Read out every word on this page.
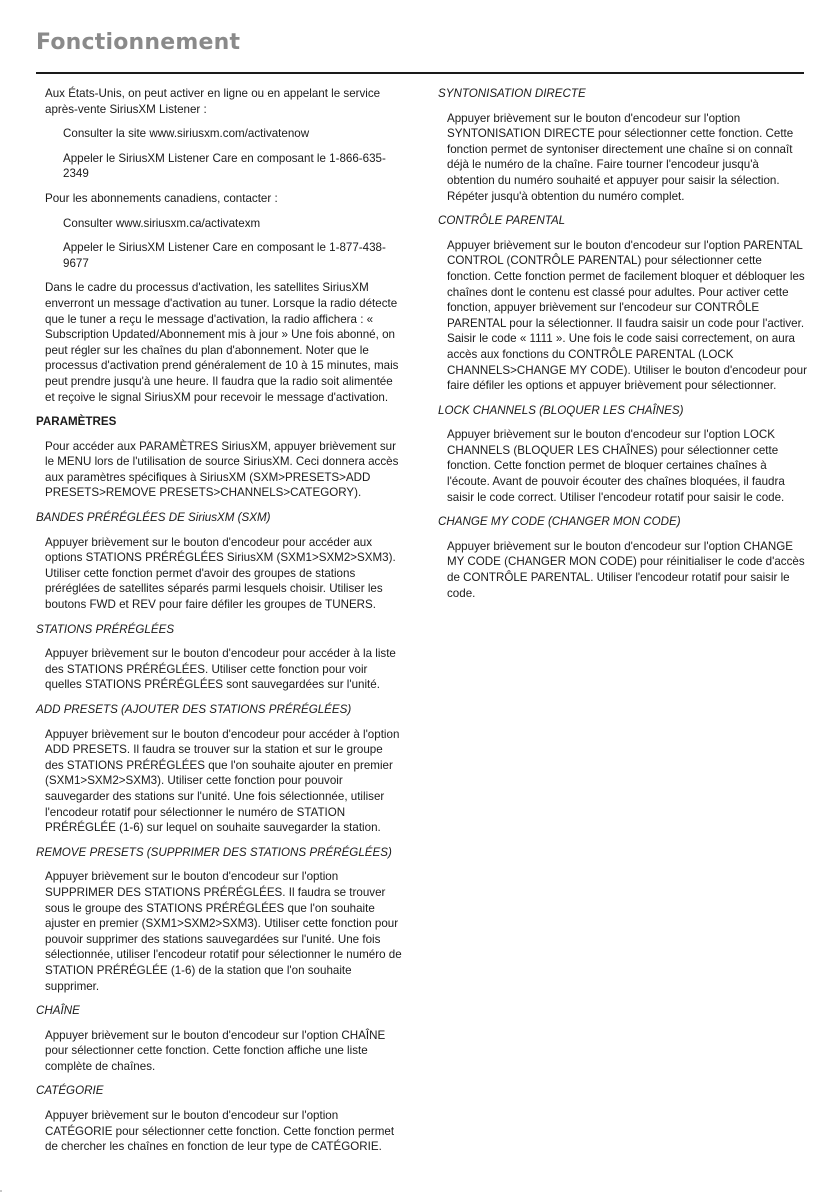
Fonctionnement

Aux États-Unis, on peut activer en ligne ou en appelant le service après-vente SiriusXM Listener :

Consulter la site www.siriusxm.com/activatenow

Appeler le SiriusXM Listener Care en composant le 1-866-635-2349

Pour les abonnements canadiens, contacter :

Consulter www.siriusxm.ca/activatexm

Appeler le SiriusXM Listener Care en composant le 1-877-438-9677

Dans le cadre du processus d'activation, les satellites SiriusXM enverront un message d'activation au tuner. Lorsque la radio détecte que le tuner a reçu le message d'activation, la radio affichera : « Subscription Updated/Abonnement mis à jour » Une fois abonné, on peut régler sur les chaînes du plan d'abonnement. Noter que le processus d'activation prend généralement de 10 à 15 minutes, mais peut prendre jusqu'à une heure. Il faudra que la radio soit alimentée et reçoive le signal SiriusXM pour recevoir le message d'activation.

PARAMÈTRES

Pour accéder aux PARAMÈTRES SiriusXM, appuyer brièvement sur le MENU lors de l'utilisation de source SiriusXM. Ceci donnera accès aux paramètres spécifiques à SiriusXM (SXM>PRESETS>ADD PRESETS>REMOVE PRESETS>CHANNELS>CATEGORY).

BANDES PRÉRÉGLÉES DE SiriusXM (SXM)

Appuyer brièvement sur le bouton d'encodeur pour accéder aux options STATIONS PRÉRÉGLÉES SiriusXM (SXM1>SXM2>SXM3). Utiliser cette fonction permet d'avoir des groupes de stations préréglées de satellites séparés parmi lesquels choisir. Utiliser les boutons FWD et REV pour faire défiler les groupes de TUNERS.

STATIONS PRÉRÉGLÉES

Appuyer brièvement sur le bouton d'encodeur pour accéder à la liste des STATIONS PRÉRÉGLÉES. Utiliser cette fonction pour voir quelles STATIONS PRÉRÉGLÉES sont sauvegardées sur l'unité.

ADD PRESETS (AJOUTER DES STATIONS PRÉRÉGLÉES)

Appuyer brièvement sur le bouton d'encodeur pour accéder à l'option ADD PRESETS. Il faudra se trouver sur la station et sur le groupe des STATIONS PRÉRÉGLÉES que l'on souhaite ajouter en premier (SXM1>SXM2>SXM3). Utiliser cette fonction pour pouvoir sauvegarder des stations sur l'unité. Une fois sélectionnée, utiliser l'encodeur rotatif pour sélectionner le numéro de STATION PRÉRÉGLÉE (1-6) sur lequel on souhaite sauvegarder la station.

REMOVE PRESETS (SUPPRIMER DES STATIONS PRÉRÉGLÉES)

Appuyer brièvement sur le bouton d'encodeur sur l'option SUPPRIMER DES STATIONS PRÉRÉGLÉES. Il faudra se trouver sous le groupe des STATIONS PRÉRÉGLÉES que l'on souhaite ajuster en premier (SXM1>SXM2>SXM3). Utiliser cette fonction pour pouvoir supprimer des stations sauvegardées sur l'unité. Une fois sélectionnée, utiliser l'encodeur rotatif pour sélectionner le numéro de STATION PRÉRÉGLÉE (1-6) de la station que l'on souhaite supprimer.

CHAÎNE

Appuyer brièvement sur le bouton d'encodeur sur l'option CHAÎNE pour sélectionner cette fonction. Cette fonction affiche une liste complète de chaînes.

CATÉGORIE

Appuyer brièvement sur le bouton d'encodeur sur l'option CATÉGORIE pour sélectionner cette fonction. Cette fonction permet de chercher les chaînes en fonction de leur type de CATÉGORIE.

SYNTONISATION DIRECTE

Appuyer brièvement sur le bouton d'encodeur sur l'option SYNTONISATION DIRECTE pour sélectionner cette fonction. Cette fonction permet de syntoniser directement une chaîne si on connaît déjà le numéro de la chaîne. Faire tourner l'encodeur jusqu'à obtention du numéro souhaité et appuyer pour saisir la sélection. Répéter jusqu'à obtention du numéro complet.

CONTRÔLE PARENTAL

Appuyer brièvement sur le bouton d'encodeur sur l'option PARENTAL CONTROL (CONTRÔLE PARENTAL) pour sélectionner cette fonction. Cette fonction permet de facilement bloquer et débloquer les chaînes dont le contenu est classé pour adultes. Pour activer cette fonction, appuyer brièvement sur l'encodeur sur CONTRÔLE PARENTAL pour la sélectionner. Il faudra saisir un code pour l'activer. Saisir le code « 1111 ». Une fois le code saisi correctement, on aura accès aux fonctions du CONTRÔLE PARENTAL (LOCK CHANNELS>CHANGE MY CODE). Utiliser le bouton d'encodeur pour faire défiler les options et appuyer brièvement pour sélectionner.

LOCK CHANNELS (BLOQUER LES CHAÎNES)

Appuyer brièvement sur le bouton d'encodeur sur l'option LOCK CHANNELS (BLOQUER LES CHAÎNES) pour sélectionner cette fonction. Cette fonction permet de bloquer certaines chaînes à l'écoute. Avant de pouvoir écouter des chaînes bloquées, il faudra saisir le code correct. Utiliser l'encodeur rotatif pour saisir le code.

CHANGE MY CODE (CHANGER MON CODE)

Appuyer brièvement sur le bouton d'encodeur sur l'option CHANGE MY CODE (CHANGER MON CODE) pour réinitialiser le code d'accès de CONTRÔLE PARENTAL. Utiliser l'encodeur rotatif pour saisir le code.
